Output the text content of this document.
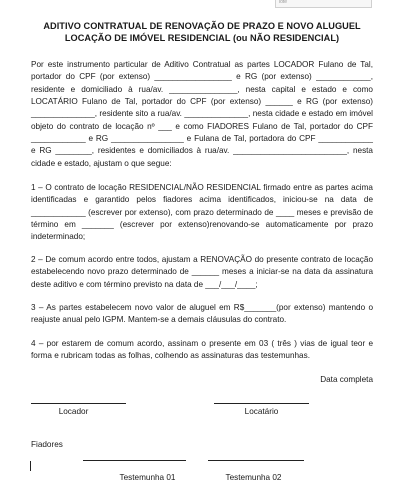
lote

ADITIVO CONTRATUAL DE RENOVAÇÃO DE PRAZO E NOVO ALUGUEL

LOCAÇÃO DE IMÓVEL RESIDENCIAL (ou NÃO RESIDENCIAL)

Por este instrumento particular de Aditivo Contratual as partes LOCADOR Fulano de Tal, portador do CPF (por extenso) _________________ e RG (por extenso) ____________, residente e domiciliado à rua/av. _______________, nesta capital e estado e como LOCATÁRIO Fulano de Tal, portador do CPF (por extenso) ______ e RG (por extenso) ______________, residente sito a rua/av. ______________, nesta cidade e estado em imóvel objeto do contrato de locação nº ___ e como FIADORES Fulano de Tal, portador do CPF ____________ e RG ________________ e Fulana de Tal, portadora do CPF ____________ e RG ________, residentes e domiciliados à rua/av. _________________________, nesta cidade e estado, ajustam o que segue:

1 – O contrato de locação RESIDENCIAL/NÃO RESIDENCIAL firmado entre as partes acima identificadas e garantido pelos fiadores acima identificados, iniciou-se na data de ____________ (escrever por extenso), com prazo determinado de ____ meses e previsão de término em _______ (escrever por extenso)renovando-se automaticamente por prazo indeterminado;

2 – De comum acordo entre todos, ajustam a RENOVAÇÃO do presente contrato de locação estabelecendo novo prazo determinado de ______ meses a iniciar-se na data da assinatura deste aditivo e com término previsto na data de ___/___/____;

3 – As partes estabelecem novo valor de aluguel em R$_______(por extenso) mantendo o reajuste anual pelo IGPM. Mantem-se a demais cláusulas do contrato.

4 – por estarem de comum acordo, assinam o presente em 03 ( três ) vias de igual teor e forma e rubricam todas as folhas, colhendo as assinaturas das testemunhas.

Data completa
Locador	Locatário
Fiadores
Testemunha 01	Testemunha 02
